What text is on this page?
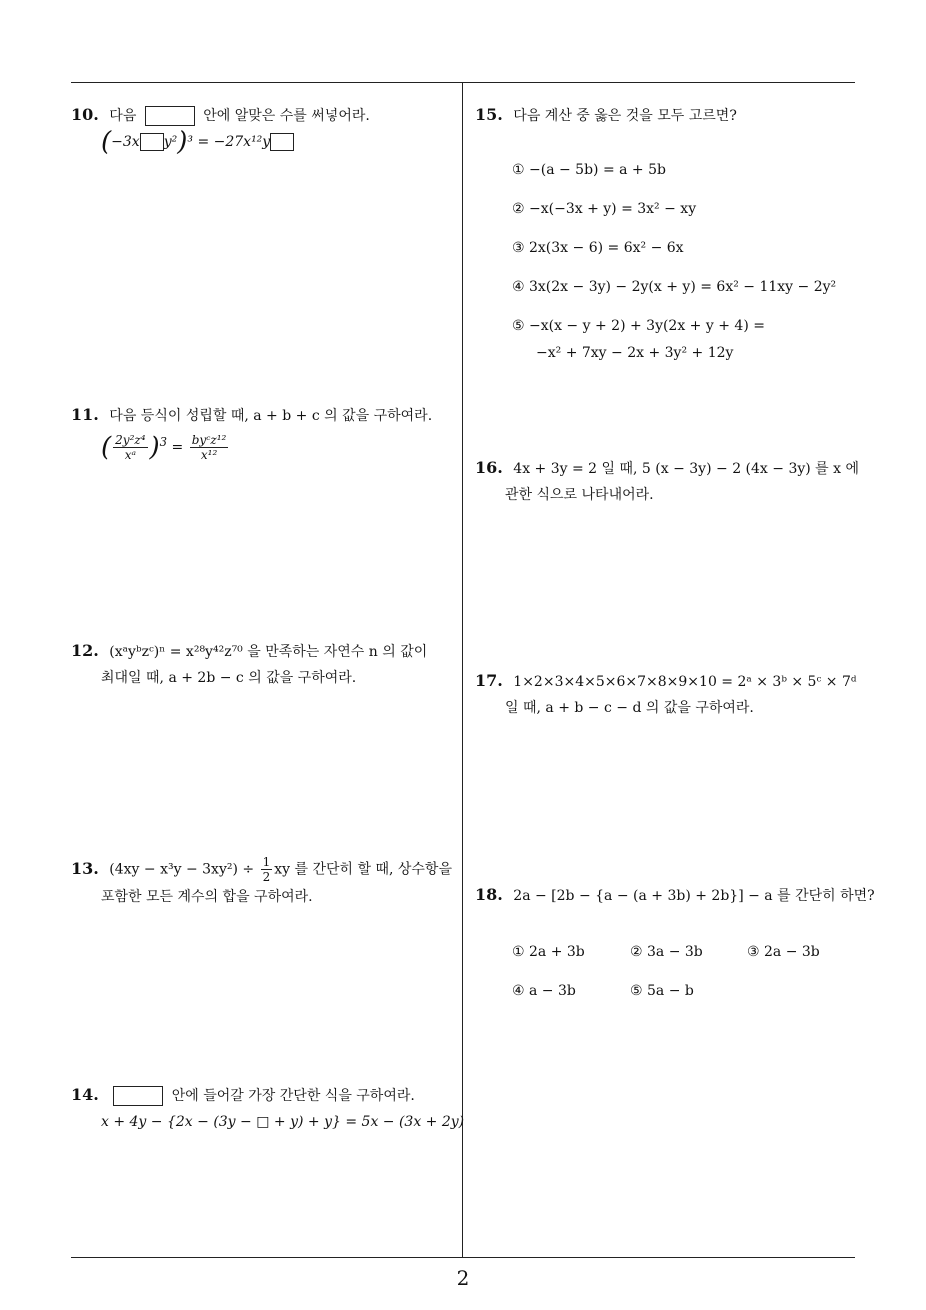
10. 다음	안에 알맞은 수를 써넣어라.
(−3x y²)³ = −27x¹²y
11. 다음 등식이 성립할 때, a + b + c 의 값을 구하여라.
( $\frac{\text{2y²z⁴}}{\text{xᵃ}} )^3 = \frac{\text{byᶜz¹²}}{\text{x¹²}}$
12. (xᵃyᵇzᶜ)ⁿ = x²⁸y⁴²z⁷⁰ 을 만족하는 자연수 n 의 값이
최대일 때, a + 2b − c 의 값을 구하여라.
13. $(4xy - x^3y - 3xy^2) \div \frac{1}{2}$ xy 를 간단히 할 때, 상수항을
포함한 모든 계수의 합을 구하여라.
14.	안에 들어갈 가장 간단한 식을 구하여라.
x + 4y − {2x − (3y − □ + y) + y} = 5x − (3x + 2y)
15. 다음 계산 중 옳은 것을 모두 고르면?
① −(a − 5b) = a + 5b
② −x(−3x + y) = 3x² − xy
③ 2x(3x − 6) = 6x² − 6x
④ 3x(2x − 3y) − 2y(x + y) = 6x² − 11xy − 2y²
⑤ −x(x − y + 2) + 3y(2x + y + 4) =
−x² + 7xy − 2x + 3y² + 12y
16. 4x + 3y = 2 일 때, 5 (x − 3y) − 2 (4x − 3y) 를 x 에
관한 식으로 나타내어라.
17. 1×2×3×4×5×6×7×8×9×10 = 2ᵃ × 3ᵇ × 5ᶜ × 7ᵈ
일 때, a + b − c − d 의 값을 구하여라.
18. 2a − [2b − {a − (a + 3b) + 2b}] − a 를 간단히 하면?
① 2a + 3b	② 3a − 3b	③ 2a − 3b
④ a − 3b	⑤ 5a − b
2
